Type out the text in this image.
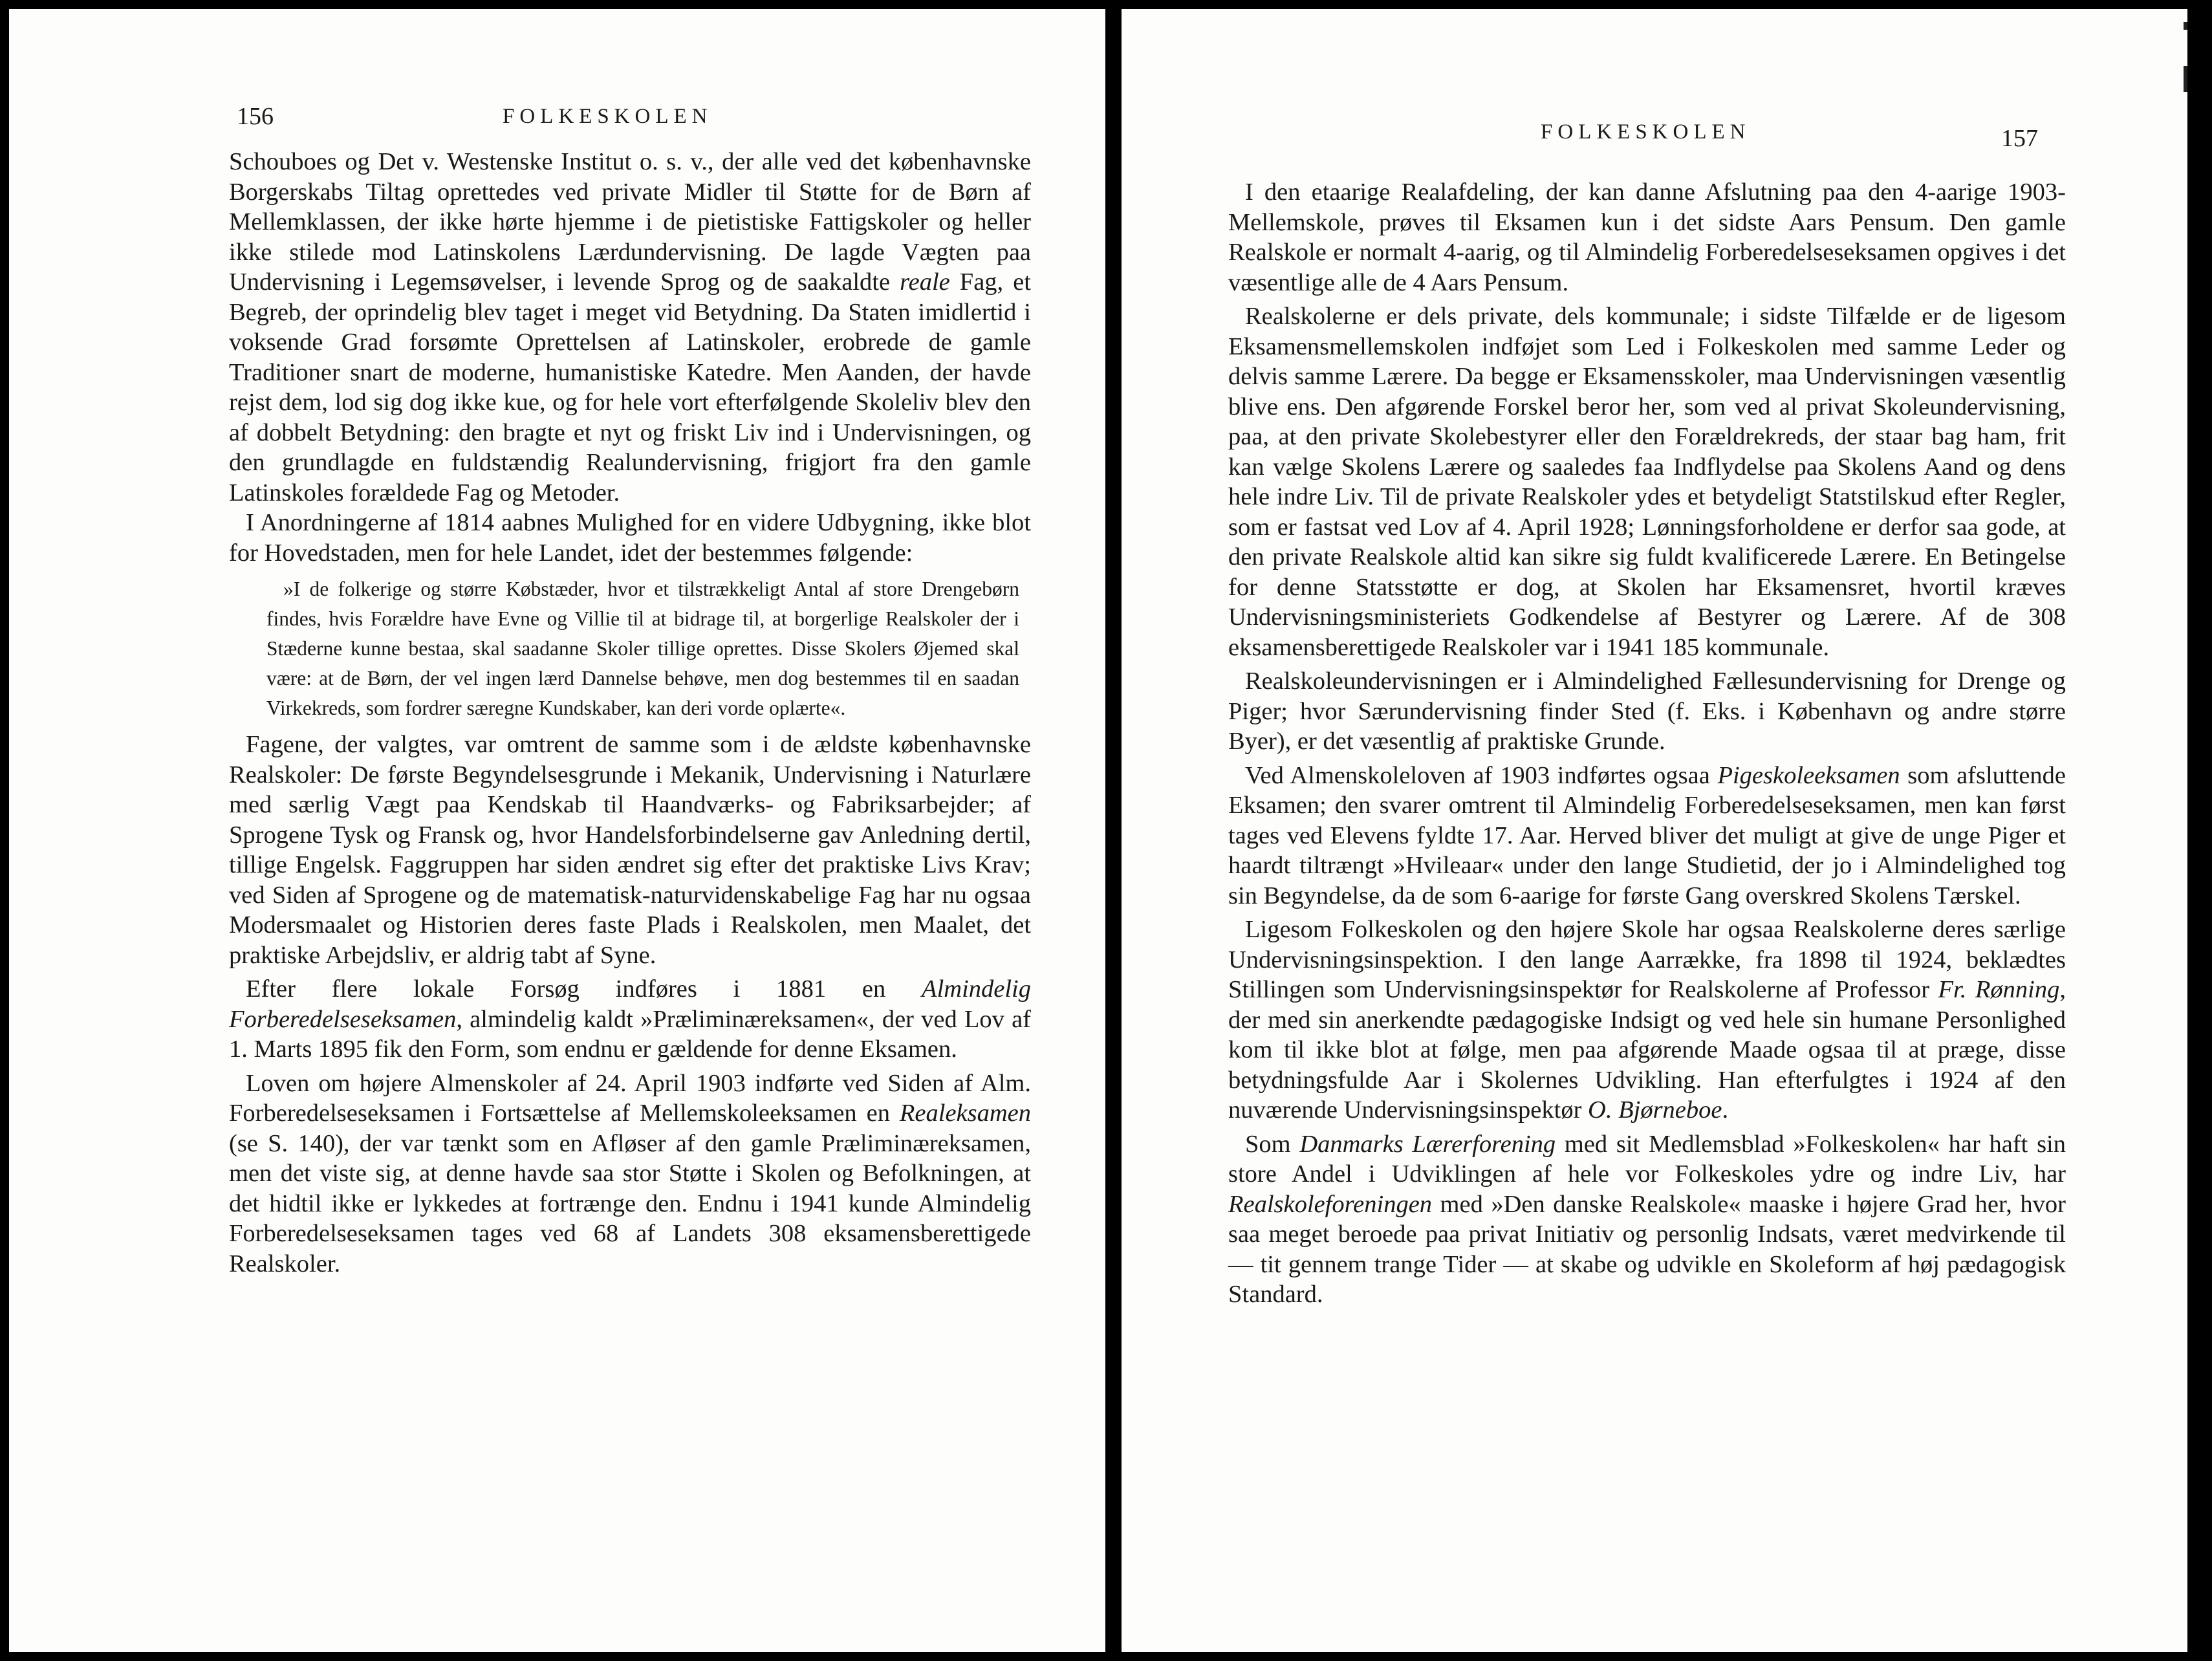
156	FOLKESKOLEN

Schouboes og Det v. Westenske Institut o. s. v., der alle ved det københavnske Borgerskabs Tiltag oprettedes ved private Midler til Støtte for de Børn af Mellemklassen, der ikke hørte hjemme i de pietistiske Fattigskoler og heller ikke stilede mod Latinskolens Lærdundervisning. De lagde Vægten paa Undervisning i Legemsøvelser, i levende Sprog og de saakaldte reale Fag, et Begreb, der oprindelig blev taget i meget vid Betydning. Da Staten imidlertid i voksende Grad forsømte Oprettelsen af Latinskoler, erobrede de gamle Traditioner snart de moderne, humanistiske Katedre. Men Aanden, der havde rejst dem, lod sig dog ikke kue, og for hele vort efterfølgende Skoleliv blev den af dobbelt Betydning: den bragte et nyt og friskt Liv ind i Undervisningen, og den grundlagde en fuldstændig Realundervisning, frigjort fra den gamle Latinskoles forældede Fag og Metoder.

I Anordningerne af 1814 aabnes Mulighed for en videre Udbygning, ikke blot for Hovedstaden, men for hele Landet, idet der bestemmes følgende:

»I de folkerige og større Købstæder, hvor et tilstrækkeligt Antal af store Drengebørn findes, hvis Forældre have Evne og Villie til at bidrage til, at borgerlige Realskoler der i Stæderne kunne bestaa, skal saadanne Skoler tillige oprettes. Disse Skolers Øjemed skal være: at de Børn, der vel ingen lærd Dannelse behøve, men dog bestemmes til en saadan Virkekreds, som fordrer særegne Kundskaber, kan deri vorde oplærte«.

Fagene, der valgtes, var omtrent de samme som i de ældste københavnske Realskoler: De første Begyndelsesgrunde i Mekanik, Undervisning i Naturlære med særlig Vægt paa Kendskab til Haandværks- og Fabriksarbejder; af Sprogene Tysk og Fransk og, hvor Handelsforbindelserne gav Anledning dertil, tillige Engelsk. Faggruppen har siden ændret sig efter det praktiske Livs Krav; ved Siden af Sprogene og de matematisk-naturvidenskabelige Fag har nu ogsaa Modersmaalet og Historien deres faste Plads i Realskolen, men Maalet, det praktiske Arbejdsliv, er aldrig tabt af Syne.

Efter flere lokale Forsøg indføres i 1881 en Almindelig Forberedelseseksamen, almindelig kaldt »Præliminæreksamen«, der ved Lov af 1. Marts 1895 fik den Form, som endnu er gældende for denne Eksamen.

Loven om højere Almenskoler af 24. April 1903 indførte ved Siden af Alm. Forberedelseseksamen i Fortsættelse af Mellemskoleeksamen en Realeksamen (se S. 140), der var tænkt som en Afløser af den gamle Præliminæreksamen, men det viste sig, at denne havde saa stor Støtte i Skolen og Befolkningen, at det hidtil ikke er lykkedes at fortrænge den. Endnu i 1941 kunde Almindelig Forberedelseseksamen tages ved 68 af Landets 308 eksamensberettigede Realskoler.

FOLKESKOLEN	157

I den etaarige Realafdeling, der kan danne Afslutning paa den 4-aarige 1903-Mellemskole, prøves til Eksamen kun i det sidste Aars Pensum. Den gamle Realskole er normalt 4-aarig, og til Almindelig Forberedelseseksamen opgives i det væsentlige alle de 4 Aars Pensum.

Realskolerne er dels private, dels kommunale; i sidste Tilfælde er de ligesom Eksamensmellemskolen indføjet som Led i Folkeskolen med samme Leder og delvis samme Lærere. Da begge er Eksamensskoler, maa Undervisningen væsentlig blive ens. Den afgørende Forskel beror her, som ved al privat Skoleundervisning, paa, at den private Skolebestyrer eller den Forældrekreds, der staar bag ham, frit kan vælge Skolens Lærere og saaledes faa Indflydelse paa Skolens Aand og dens hele indre Liv. Til de private Realskoler ydes et betydeligt Statstilskud efter Regler, som er fastsat ved Lov af 4. April 1928; Lønningsforholdene er derfor saa gode, at den private Realskole altid kan sikre sig fuldt kvalificerede Lærere. En Betingelse for denne Statsstøtte er dog, at Skolen har Eksamensret, hvortil kræves Undervisningsministeriets Godkendelse af Bestyrer og Lærere. Af de 308 eksamensberettigede Realskoler var i 1941 185 kommunale.

Realskoleundervisningen er i Almindelighed Fællesundervisning for Drenge og Piger; hvor Særundervisning finder Sted (f. Eks. i København og andre større Byer), er det væsentlig af praktiske Grunde.

Ved Almenskoleloven af 1903 indførtes ogsaa Pigeskoleeksamen som afsluttende Eksamen; den svarer omtrent til Almindelig Forberedelseseksamen, men kan først tages ved Elevens fyldte 17. Aar. Herved bliver det muligt at give de unge Piger et haardt tiltrængt »Hvileaar« under den lange Studietid, der jo i Almindelighed tog sin Begyndelse, da de som 6-aarige for første Gang overskred Skolens Tærskel.

Ligesom Folkeskolen og den højere Skole har ogsaa Realskolerne deres særlige Undervisningsinspektion. I den lange Aarrække, fra 1898 til 1924, beklædtes Stillingen som Undervisningsinspektør for Realskolerne af Professor Fr. Rønning, der med sin anerkendte pædagogiske Indsigt og ved hele sin humane Personlighed kom til ikke blot at følge, men paa afgørende Maade ogsaa til at præge, disse betydningsfulde Aar i Skolernes Udvikling. Han efterfulgtes i 1924 af den nuværende Undervisningsinspektør O. Bjørneboe.

Som Danmarks Lærerforening med sit Medlemsblad »Folkeskolen« har haft sin store Andel i Udviklingen af hele vor Folkeskoles ydre og indre Liv, har Realskoleforeningen med »Den danske Realskole« maaske i højere Grad her, hvor saa meget beroede paa privat Initiativ og personlig Indsats, været medvirkende til — tit gennem trange Tider — at skabe og udvikle en Skoleform af høj pædagogisk Standard.
